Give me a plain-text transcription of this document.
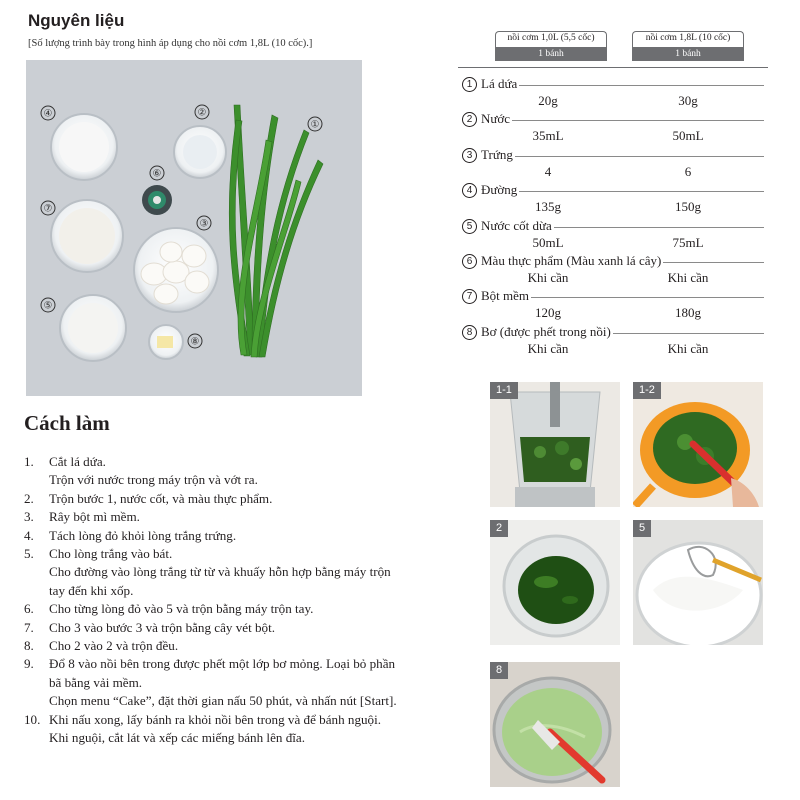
Nguyên liệu
[Số lượng trình bày trong hình áp dụng cho nồi cơm 1,8L (10 cốc).]
①
②
③
④
⑤
⑥
⑦
⑧
nồi cơm 1,0L (5,5 cốc)
1 bánh
nồi cơm 1,8L (10 cốc)
1 bánh
1 Lá dứa
20g	30g
2 Nước
35mL	50mL
3 Trứng
4	6
4 Đường
135g	150g
5 Nước cốt dừa
50mL	75mL
6 Màu thực phẩm (Màu xanh lá cây)
Khi cần	Khi cần
7 Bột mềm
120g	180g
8 Bơ (được phết trong nồi)
Khi cần	Khi cần
Cách làm
1. Cắt lá dứa.
Trộn với nước trong máy trộn và vớt ra.
2. Trộn bước 1, nước cốt, và màu thực phẩm.
3. Rây bột mì mềm.
4. Tách lòng đỏ khỏi lòng trắng trứng.
5. Cho lòng trắng vào bát.
Cho đường vào lòng trắng từ từ và khuấy hỗn hợp bằng máy trộn
tay đến khi xốp.
6. Cho từng lòng đỏ vào 5 và trộn bằng máy trộn tay.
7. Cho 3 vào bước 3 và trộn bằng cây vét bột.
8. Cho 2 vào 2 và trộn đều.
9. Đổ 8 vào nồi bên trong được phết một lớp bơ mỏng. Loại bỏ phần
bã bằng vải mềm.
Chọn menu “Cake”, đặt thời gian nấu 50 phút, và nhấn nút [Start].
10. Khi nấu xong, lấy bánh ra khỏi nồi bên trong và để bánh nguội.
Khi nguội, cắt lát và xếp các miếng bánh lên đĩa.
1-1	1-2
2	5
8
